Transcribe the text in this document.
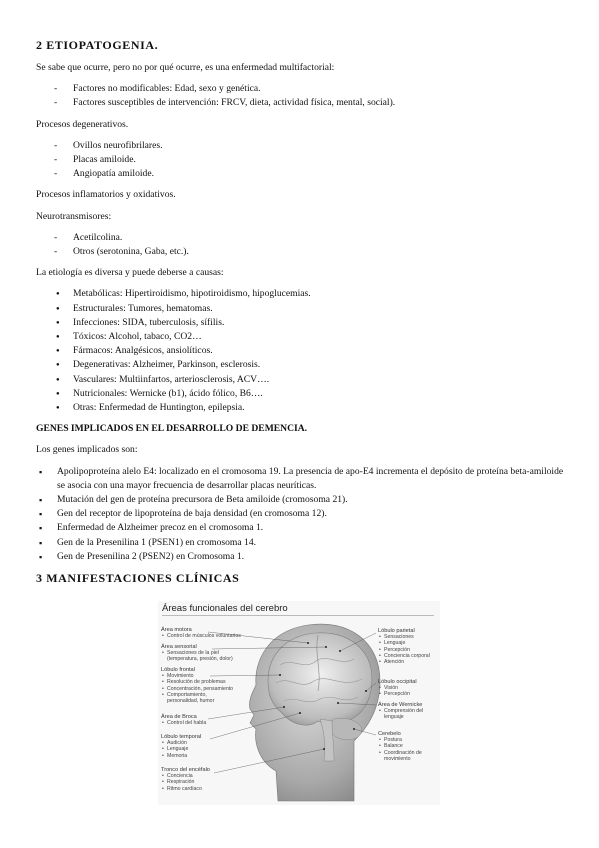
2 ETIOPATOGENIA.

Se sabe que ocurre, pero no por qué ocurre, es una enfermedad multifactorial:

- Factores no modificables: Edad, sexo y genética.
- Factores susceptibles de intervención: FRCV, dieta, actividad física, mental, social).

Procesos degenerativos.

- Ovillos neurofibrilares.
- Placas amiloide.
- Angiopatía amiloide.

Procesos inflamatorios y oxidativos.

Neurotransmisores:

- Acetilcolina.
- Otros (serotonina, Gaba, etc.).

La etiología es diversa y puede deberse a causas:

● Metabólicas: Hipertiroidismo, hipotiroidismo, hipoglucemias.
● Estructurales: Tumores, hematomas.
● Infecciones: SIDA, tuberculosis, sífilis.
● Tóxicos: Alcohol, tabaco, CO2…
● Fármacos: Analgésicos, ansiolíticos.
● Degenerativas: Alzheimer, Parkinson, esclerosis.
● Vasculares: Multiinfartos, arteriosclerosis, ACV….
● Nutricionales: Wernicke (b1), ácido fólico, B6….
● Otras: Enfermedad de Huntington, epilepsia.

GENES IMPLICADOS EN EL DESARROLLO DE DEMENCIA.

Los genes implicados son:

▪ Apolipoproteína alelo E4: localizado en el cromosoma 19. La presencia de apo-E4 incrementa el depósito de proteína beta-amiloide se asocia con una mayor frecuencia de desarrollar placas neuríticas.
▪ Mutación del gen de proteína precursora de Beta amiloide (cromosoma 21).
▪ Gen del receptor de lipoproteína de baja densidad (en cromosoma 12).
▪ Enfermedad de Alzheimer precoz en el cromosoma 1.
▪ Gen de la Presenilina 1 (PSEN1) en cromosoma 14.
▪ Gen de Presenilina 2 (PSEN2) en Cromosoma 1.
3 MANIFESTACIONES CLÍNICAS
Áreas funcionales del cerebro
Área motora
• Control de músculos voluntarios
Área sensorial
• Sensaciones de la piel
(temperatura, presión, dolor)
Lóbulo frontal
• Movimiento
• Resolución de problemas
• Concentración, pensamiento
• Comportamiento,
personalidad, humor
Área de Broca
• Control del habla
Lóbulo temporal
• Audición
• Lenguaje
• Memoria
Tronco del encéfalo
• Conciencia
• Respiración
• Ritmo cardíaco
Lóbulo parietal
• Sensaciones
• Lenguaje
• Percepción
• Conciencia corporal
• Atención
Lóbulo occipital
• Visión
• Percepción
Área de Wernicke
• Comprensión del
lenguaje
Cerebelo
• Postura
• Balance
• Coordinación de
movimiento
